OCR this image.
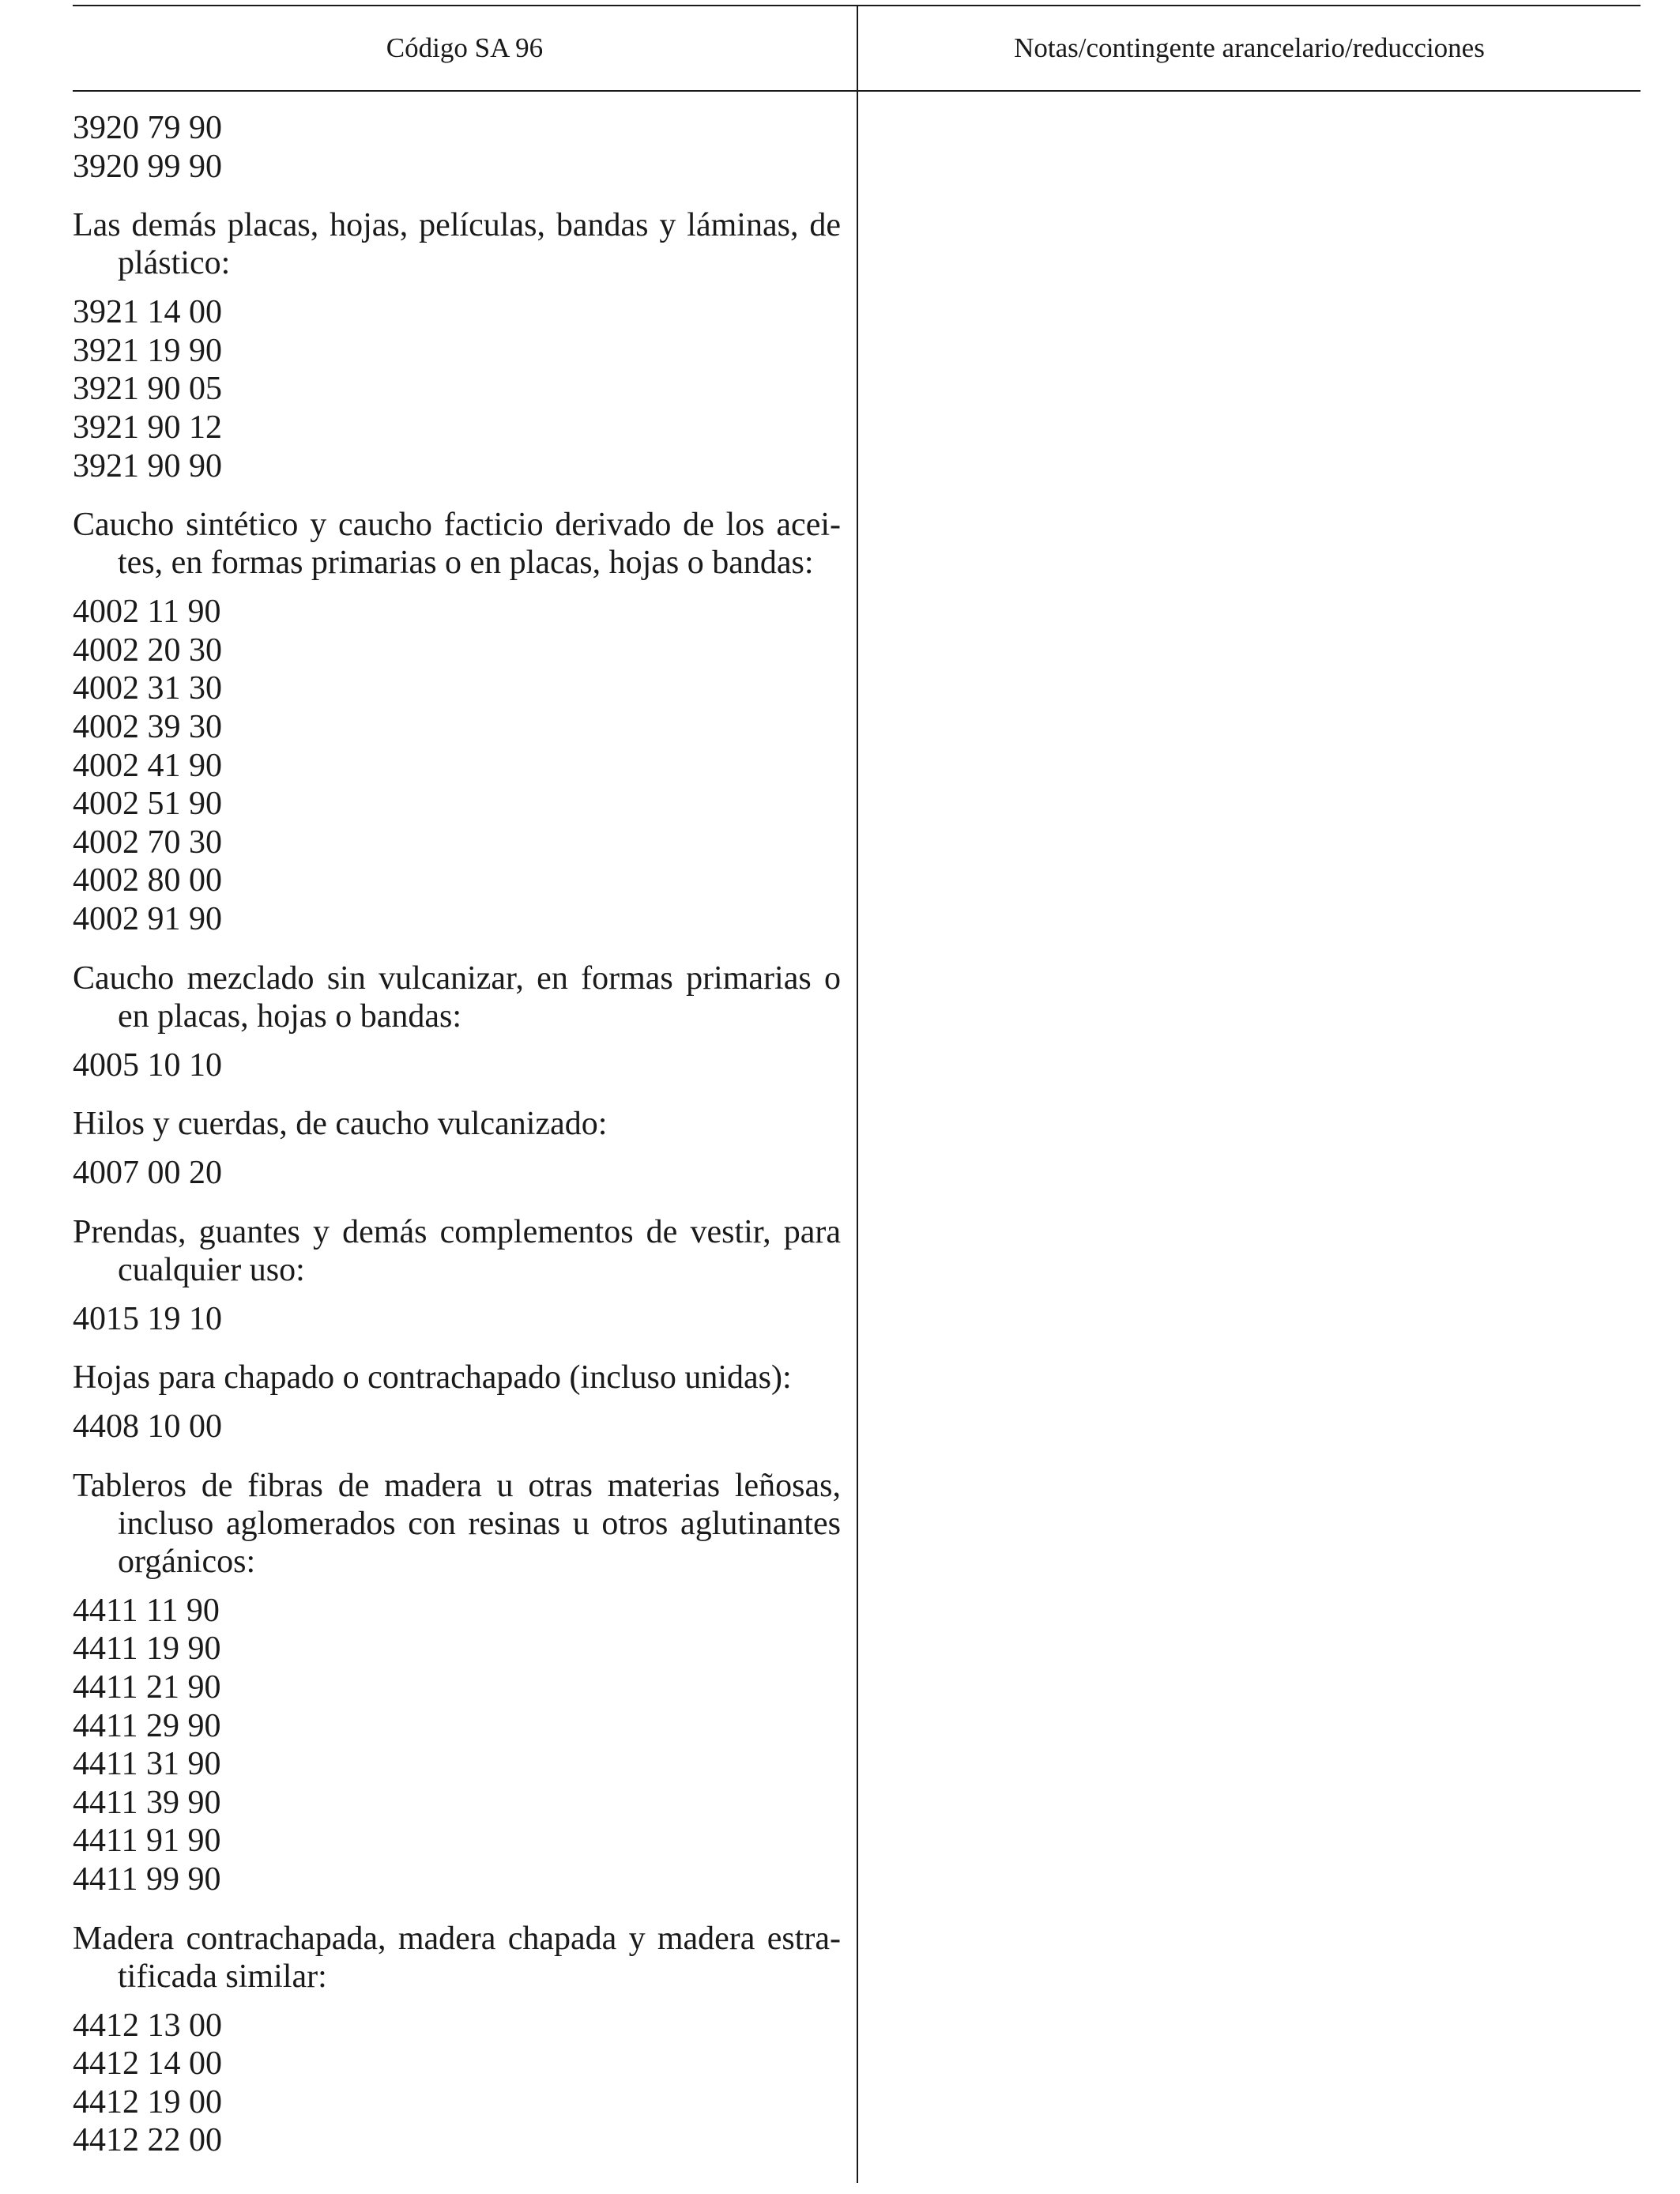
Código SA 96	Notas/contingente arancelario/reducciones
3920 79 90
3920 99 90

Las demás placas, hojas, películas, bandas y láminas, de plástico:

3921 14 00
3921 19 90
3921 90 05
3921 90 12
3921 90 90

Caucho sintético y caucho facticio derivado de los acei-tes, en formas primarias o en placas, hojas o bandas:

4002 11 90
4002 20 30
4002 31 30
4002 39 30
4002 41 90
4002 51 90
4002 70 30
4002 80 00
4002 91 90

Caucho mezclado sin vulcanizar, en formas primarias o en placas, hojas o bandas:

4005 10 10

Hilos y cuerdas, de caucho vulcanizado:

4007 00 20

Prendas, guantes y demás complementos de vestir, para cualquier uso:

4015 19 10

Hojas para chapado o contrachapado (incluso unidas):

4408 10 00

Tableros de fibras de madera u otras materias leñosas, incluso aglomerados con resinas u otros aglutinantes orgánicos:

4411 11 90
4411 19 90
4411 21 90
4411 29 90
4411 31 90
4411 39 90
4411 91 90
4411 99 90

Madera contrachapada, madera chapada y madera estra-tificada similar:

4412 13 00
4412 14 00
4412 19 00
4412 22 00
